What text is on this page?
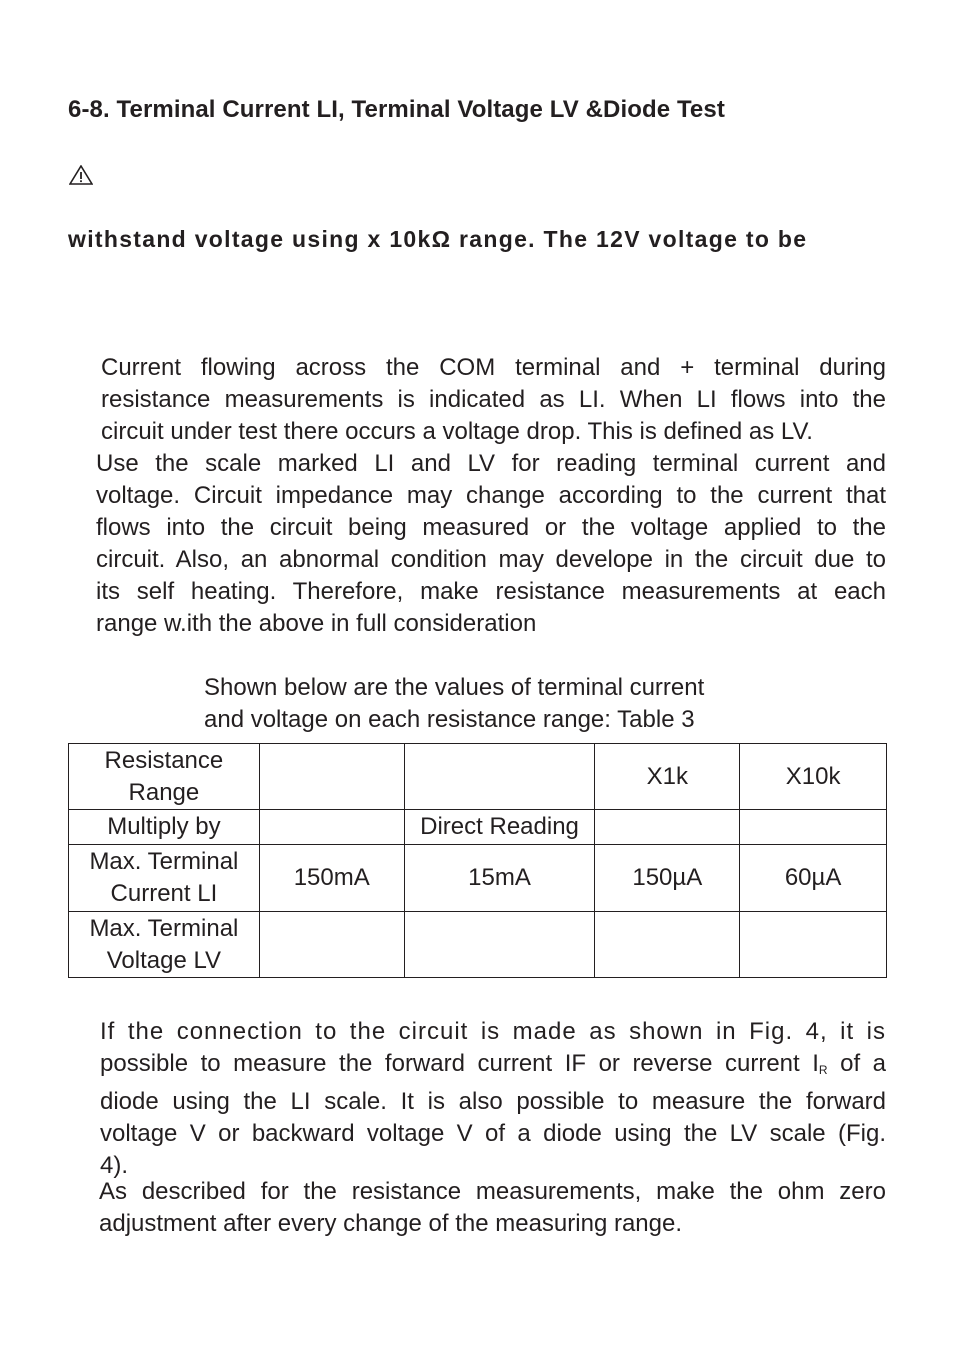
6-8. Terminal Current LI, Terminal Voltage LV &Diode Test
withstand voltage using x 10kΩ range. The 12V voltage to be
Current flowing across the COM terminal and + terminal during
resistance measurements is indicated as LI. When LI flows into the
circuit under test there occurs a voltage drop. This is defined as LV.
Use the scale marked LI and LV for reading terminal current and
voltage. Circuit impedance may change according to the current that
flows into the circuit being measured or the voltage applied to the
circuit. Also, an abnormal condition may develope in the circuit due to
its self heating. Therefore, make resistance measurements at each
range w.ith the above in full consideration
Shown below are the values of terminal current
and voltage on each resistance range: Table 3
Resistance Range			X1k	X10k
Multiply by		Direct Reading		
Max. Terminal Current LI	150mA	15mA	150µA	60µA
Max. Terminal Voltage LV				
If the connection to the circuit is made as shown in Fig. 4, it is
possible to measure the forward current IF or reverse current $I_R$ of a
diode using the LI scale. It is also possible to measure the forward
voltage V or backward voltage V of a diode using the LV scale (Fig.
4).
As described for the resistance measurements, make the ohm zero
adjustment after every change of the measuring range.
